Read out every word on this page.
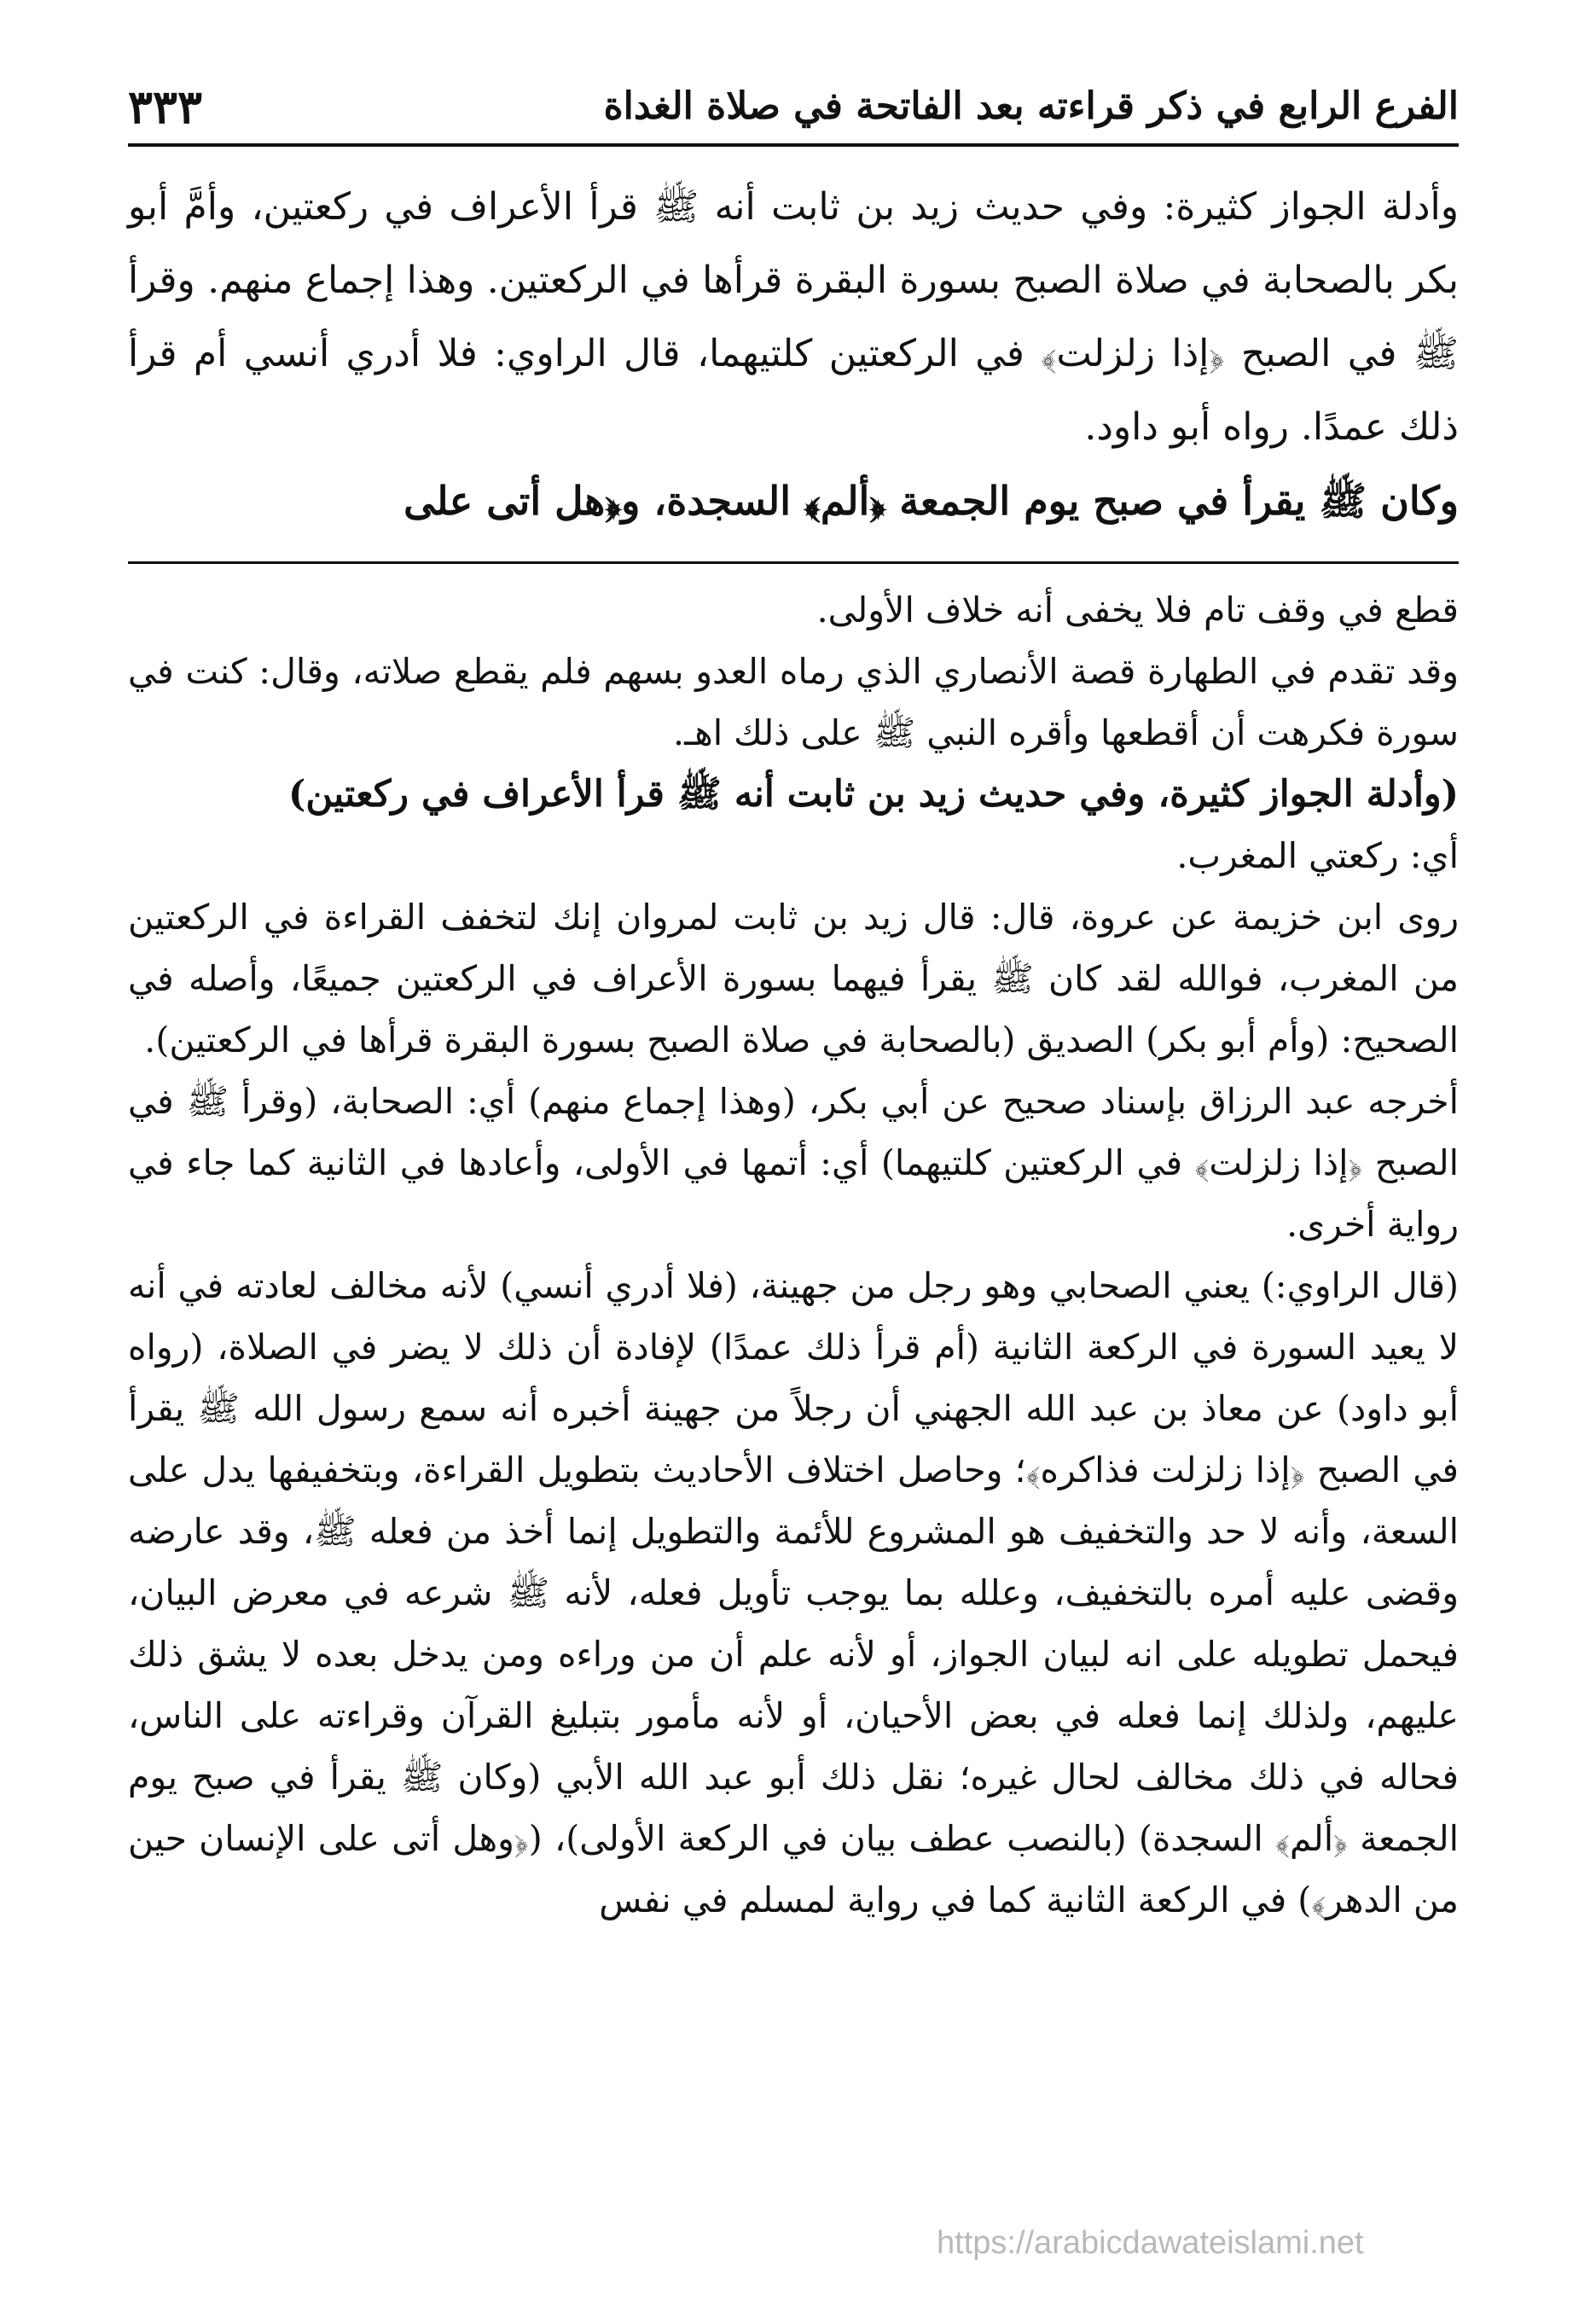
الفرع الرابع في ذكر قراءته بعد الفاتحة في صلاة الغداة
٣٣٣

وأدلة الجواز كثيرة: وفي حديث زيد بن ثابت أنه ﷺ قرأ الأعراف في ركعتين، وأمَّ أبو بكر بالصحابة في صلاة الصبح بسورة البقرة قرأها في الركعتين. وهذا إجماع منهم. وقرأ ﷺ في الصبح ﴿إذا زلزلت﴾ في الركعتين كلتيهما، قال الراوي: فلا أدري أنسي أم قرأ ذلك عمدًا. رواه أبو داود.

وكان ﷺ يقرأ في صبح يوم الجمعة ﴿ألم﴾ السجدة، و﴿هل أتى على

قطع في وقف تام فلا يخفى أنه خلاف الأولى.

وقد تقدم في الطهارة قصة الأنصاري الذي رماه العدو بسهم فلم يقطع صلاته، وقال: كنت في سورة فكرهت أن أقطعها وأقره النبي ﷺ على ذلك اهـ.

(وأدلة الجواز كثيرة، وفي حديث زيد بن ثابت أنه ﷺ قرأ الأعراف في ركعتين)

أي: ركعتي المغرب.

روى ابن خزيمة عن عروة، قال: قال زيد بن ثابت لمروان إنك لتخفف القراءة في الركعتين من المغرب، فوالله لقد كان ﷺ يقرأ فيهما بسورة الأعراف في الركعتين جميعًا، وأصله في الصحيح: (وأم أبو بكر) الصديق (بالصحابة في صلاة الصبح بسورة البقرة قرأها في الركعتين).

أخرجه عبد الرزاق بإسناد صحيح عن أبي بكر، (وهذا إجماع منهم) أي: الصحابة، (وقرأ ﷺ في الصبح ﴿إذا زلزلت﴾ في الركعتين كلتيهما) أي: أتمها في الأولى، وأعادها في الثانية كما جاء في رواية أخرى.

(قال الراوي:) يعني الصحابي وهو رجل من جهينة، (فلا أدري أنسي) لأنه مخالف لعادته في أنه لا يعيد السورة في الركعة الثانية (أم قرأ ذلك عمدًا) لإفادة أن ذلك لا يضر في الصلاة، (رواه أبو داود) عن معاذ بن عبد الله الجهني أن رجلاً من جهينة أخبره أنه سمع رسول الله ﷺ يقرأ في الصبح ﴿إذا زلزلت فذاكره﴾؛ وحاصل اختلاف الأحاديث بتطويل القراءة، وبتخفيفها يدل على السعة، وأنه لا حد والتخفيف هو المشروع للأئمة والتطويل إنما أخذ من فعله ﷺ، وقد عارضه وقضى عليه أمره بالتخفيف، وعلله بما يوجب تأويل فعله، لأنه ﷺ شرعه في معرض البيان، فيحمل تطويله على انه لبيان الجواز، أو لأنه علم أن من وراءه ومن يدخل بعده لا يشق ذلك عليهم، ولذلك إنما فعله في بعض الأحيان، أو لأنه مأمور بتبليغ القرآن وقراءته على الناس، فحاله في ذلك مخالف لحال غيره؛ نقل ذلك أبو عبد الله الأبي (وكان ﷺ يقرأ في صبح يوم الجمعة ﴿ألم﴾ السجدة) (بالنصب عطف بيان في الركعة الأولى)، (﴿وهل أتى على الإنسان حين من الدهر﴾) في الركعة الثانية كما في رواية لمسلم في نفس

https://arabicdawateislami.net
